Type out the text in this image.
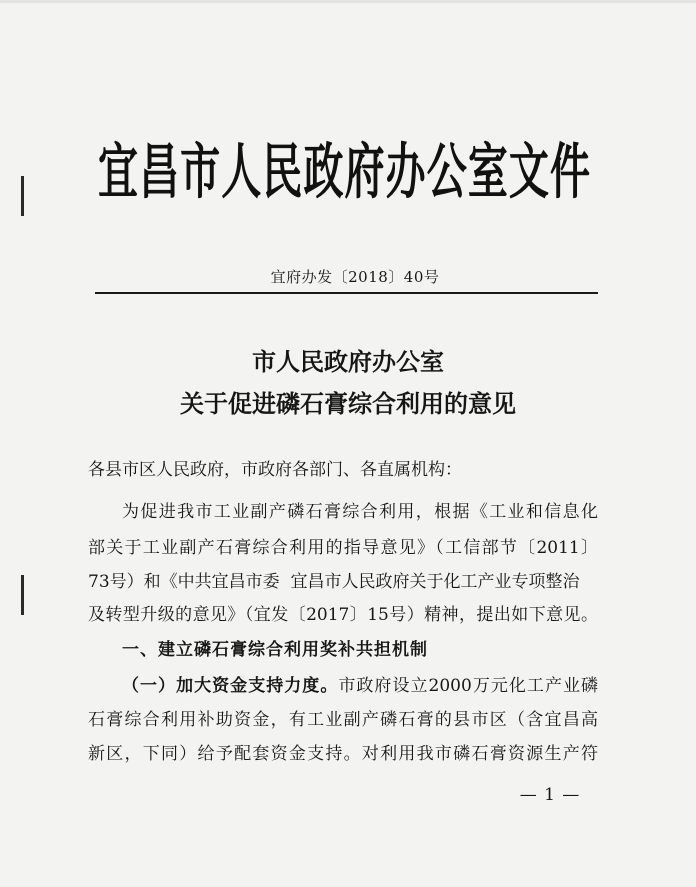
宜昌市人民政府办公室文件
宜府办发〔2018〕40号
市人民政府办公室
关于促进磷石膏综合利用的意见
各县市区人民政府，市政府各部门、各直属机构：
为促进我市工业副产磷石膏综合利用，根据《工业和信息化
部关于工业副产石膏综合利用的指导意见》（工信部节〔2011〕
73号）和《中共宜昌市委  宜昌市人民政府关于化工产业专项整治
及转型升级的意见》（宜发〔2017〕15号）精神，提出如下意见。
一、建立磷石膏综合利用奖补共担机制
（一）加大资金支持力度。市政府设立2000万元化工产业磷
石膏综合利用补助资金，有工业副产磷石膏的县市区（含宜昌高
新区，下同）给予配套资金支持。对利用我市磷石膏资源生产符
— 1 —
